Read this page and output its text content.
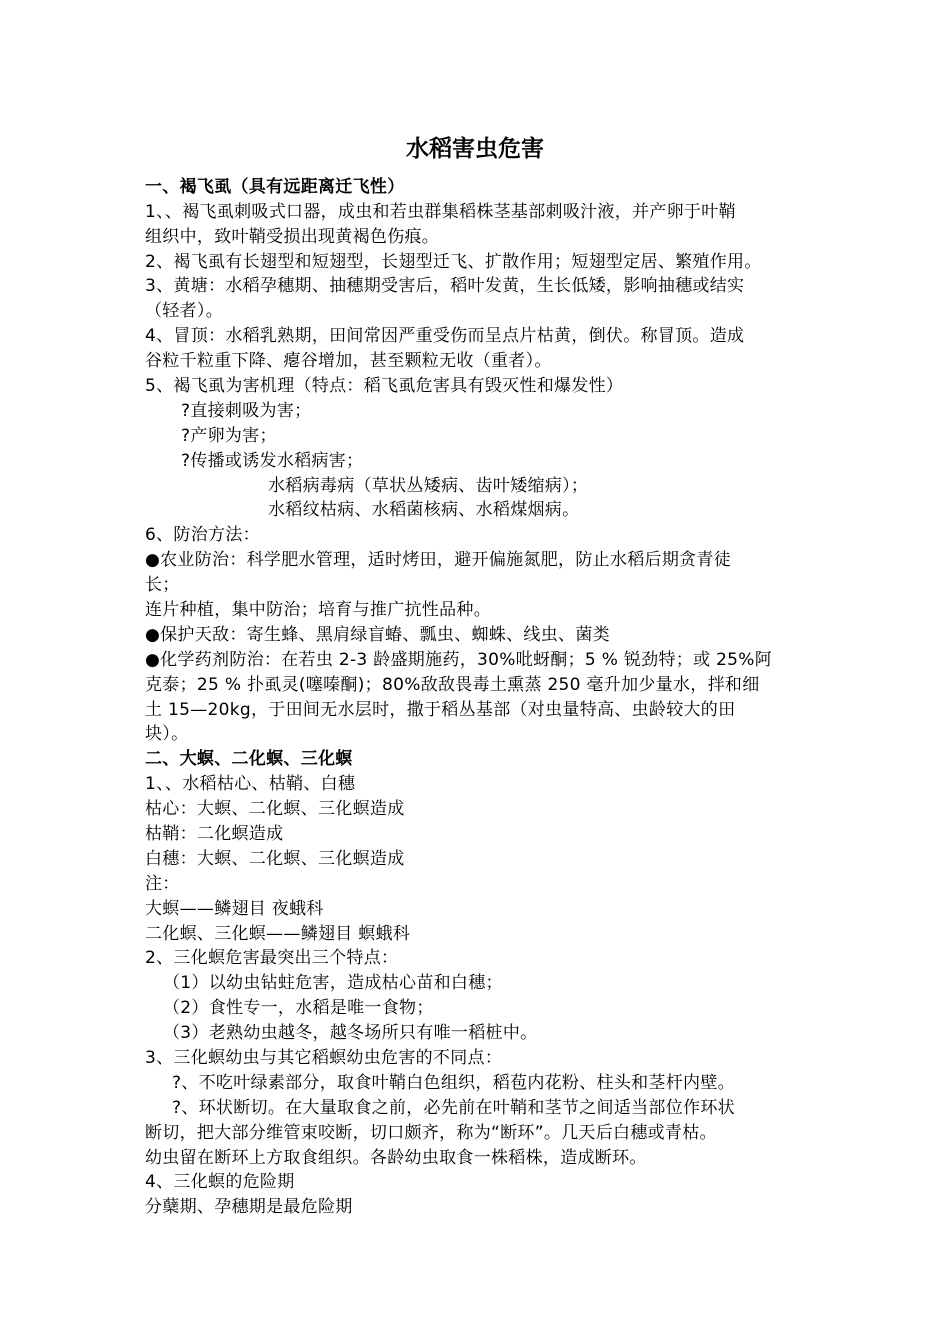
水稻害虫危害
一、褐飞虱（具有远距离迁飞性）
1、、褐飞虱刺吸式口器，成虫和若虫群集稻株茎基部刺吸汁液，并产卵于叶鞘
组织中，致叶鞘受损出现黄褐色伤痕。
2、褐飞虱有长翅型和短翅型，长翅型迁飞、扩散作用；短翅型定居、繁殖作用。
3、黄塘：水稻孕穗期、抽穗期受害后，稻叶发黄，生长低矮，影响抽穗或结实
（轻者）。
4、冒顶：水稻乳熟期，田间常因严重受伤而呈点片枯黄，倒伏。称冒顶。造成
谷粒千粒重下降、瘪谷增加，甚至颗粒无收（重者）。
5、褐飞虱为害机理（特点：稻飞虱危害具有毁灭性和爆发性）
?直接刺吸为害；
?产卵为害；
?传播或诱发水稻病害；
水稻病毒病（草状丛矮病、齿叶矮缩病）；
水稻纹枯病、水稻菌核病、水稻煤烟病。
6、防治方法：
●农业防治：科学肥水管理，适时烤田，避开偏施氮肥，防止水稻后期贪青徒
长；
连片种植，集中防治；培育与推广抗性品种。
●保护天敌：寄生蜂、黑肩绿盲蝽、瓢虫、蜘蛛、线虫、菌类
●化学药剂防治：在若虫 2-3 龄盛期施药，30%吡蚜酮；5 % 锐劲特；或 25%阿
克泰；25 % 扑虱灵(噻嗪酮)；80%敌敌畏毒土熏蒸 250 毫升加少量水，拌和细
土 15—20kg，于田间无水层时，撒于稻丛基部（对虫量特高、虫龄较大的田
块）。
二、大螟、二化螟、三化螟
1、、水稻枯心、枯鞘、白穗
枯心：大螟、二化螟、三化螟造成
枯鞘：二化螟造成
白穗：大螟、二化螟、三化螟造成
注：
大螟——鳞翅目 夜蛾科
二化螟、三化螟——鳞翅目 螟蛾科
2、三化螟危害最突出三个特点：
（1）以幼虫钻蛀危害，造成枯心苗和白穗；
（2）食性专一，水稻是唯一食物；
（3）老熟幼虫越冬，越冬场所只有唯一稻桩中。
3、三化螟幼虫与其它稻螟幼虫危害的不同点：
?、不吃叶绿素部分，取食叶鞘白色组织，稻苞内花粉、柱头和茎杆内壁。
?、环状断切。在大量取食之前，必先前在叶鞘和茎节之间适当部位作环状
断切，把大部分维管束咬断，切口颇齐，称为“断环”。几天后白穗或青枯。
幼虫留在断环上方取食组织。各龄幼虫取食一株稻株，造成断环。
4、三化螟的危险期
分蘖期、孕穗期是最危险期
